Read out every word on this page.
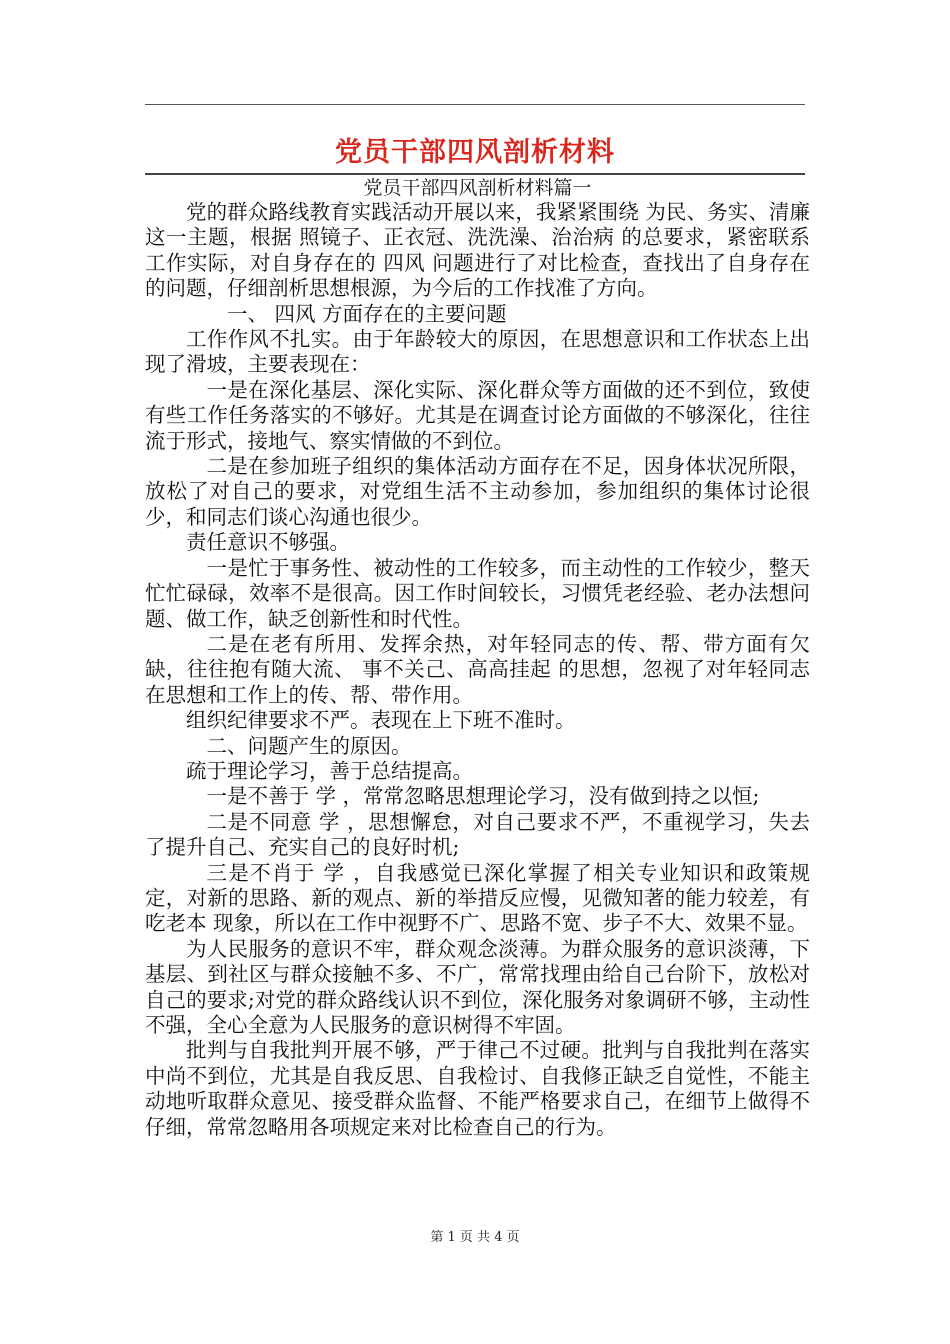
党员干部四风剖析材料

党员干部四风剖析材料篇一

党的群众路线教育实践活动开展以来，我紧紧围绕 为民、务实、清廉 这一主题，根据 照镜子、正衣冠、洗洗澡、治治病 的总要求，紧密联系工作实际，对自身存在的 四风 问题进行了对比检查，查找出了自身存在的问题，仔细剖析思想根源，为今后的工作找准了方向。

一、 四风 方面存在的主要问题

工作作风不扎实。由于年龄较大的原因，在思想意识和工作状态上出现了滑坡，主要表现在：

一是在深化基层、深化实际、深化群众等方面做的还不到位，致使有些工作任务落实的不够好。尤其是在调查讨论方面做的不够深化，往往流于形式，接地气、察实情做的不到位。

二是在参加班子组织的集体活动方面存在不足，因身体状况所限，放松了对自己的要求，对党组生活不主动参加，参加组织的集体讨论很少，和同志们谈心沟通也很少。

责任意识不够强。

一是忙于事务性、被动性的工作较多，而主动性的工作较少，整天忙忙碌碌，效率不是很高。因工作时间较长，习惯凭老经验、老办法想问题、做工作，缺乏创新性和时代性。

二是在老有所用、发挥余热，对年轻同志的传、帮、带方面有欠缺，往往抱有随大流、 事不关己、高高挂起 的思想，忽视了对年轻同志在思想和工作上的传、帮、带作用。

组织纪律要求不严。表现在上下班不准时。

二、问题产生的原因。

疏于理论学习，善于总结提高。

一是不善于 学 ，常常忽略思想理论学习，没有做到持之以恒;

二是不同意 学 ，思想懈怠，对自己要求不严，不重视学习，失去了提升自己、充实自己的良好时机;

三是不肖于 学 ，自我感觉已深化掌握了相关专业知识和政策规定，对新的思路、新的观点、新的举措反应慢，见微知著的能力较差，有 吃老本 现象，所以在工作中视野不广、思路不宽、步子不大、效果不显。

为人民服务的意识不牢，群众观念淡薄。为群众服务的意识淡薄，下基层、到社区与群众接触不多、不广，常常找理由给自己台阶下，放松对自己的要求;对党的群众路线认识不到位，深化服务对象调研不够，主动性不强，全心全意为人民服务的意识树得不牢固。

批判与自我批判开展不够，严于律己不过硬。批判与自我批判在落实中尚不到位，尤其是自我反思、自我检讨、自我修正缺乏自觉性，不能主动地听取群众意见、接受群众监督、不能严格要求自己，在细节上做得不仔细，常常忽略用各项规定来对比检查自己的行为。

第 1 页 共 4 页
